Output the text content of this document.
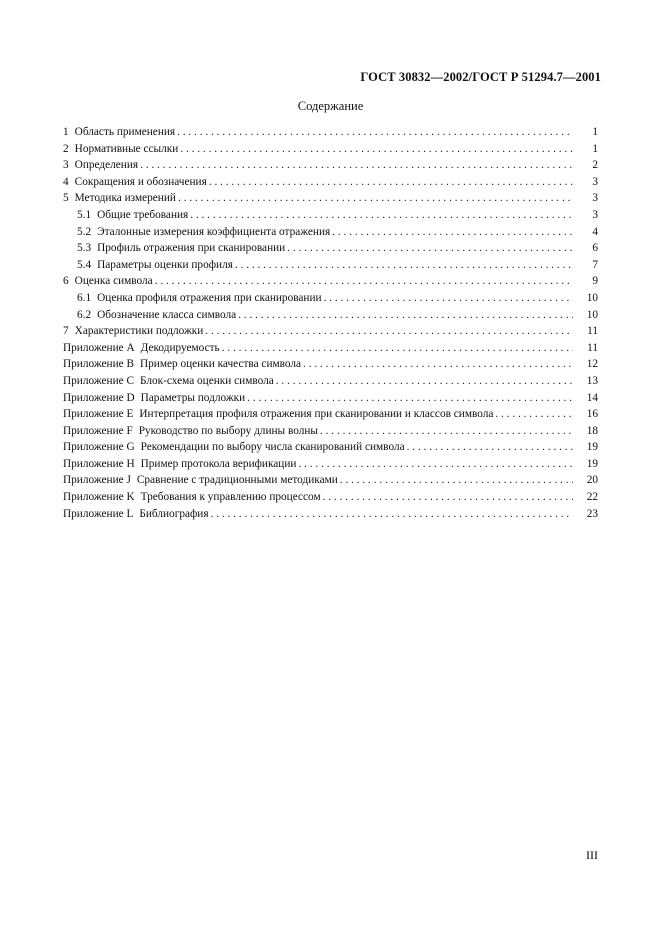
ГОСТ 30832—2002/ГОСТ Р 51294.7—2001
Содержание
1 Область применения . . .	1
2 Нормативные ссылки . . .	1
3 Определения . . .	2
4 Сокращения и обозначения . . .	3
5 Методика измерений . . .	3
5.1 Общие требования . . .	3
5.2 Эталонные измерения коэффициента отражения . . .	4
5.3 Профиль отражения при сканировании . . .	6
5.4 Параметры оценки профиля . . .	7
6 Оценка символа . . .	9
6.1 Оценка профиля отражения при сканировании . . .	10
6.2 Обозначение класса символа . . .	10
7 Характеристики подложки . . .	11
Приложение A Декодируемость . . .	11
Приложение B Пример оценки качества символа . . .	12
Приложение C Блок-схема оценки символа . . .	13
Приложение D Параметры подложки . . .	14
Приложение E Интерпретация профиля отражения при сканировании и классов символа . . .	16
Приложение F Руководство по выбору длины волны . . .	18
Приложение G Рекомендации по выбору числа сканирований символа . . .	19
Приложение H Пример протокола верификации . . .	19
Приложение J Сравнение с традиционными методиками . . .	20
Приложение K Требования к управлению процессом . . .	22
Приложение L Библиография . . .	23
III
